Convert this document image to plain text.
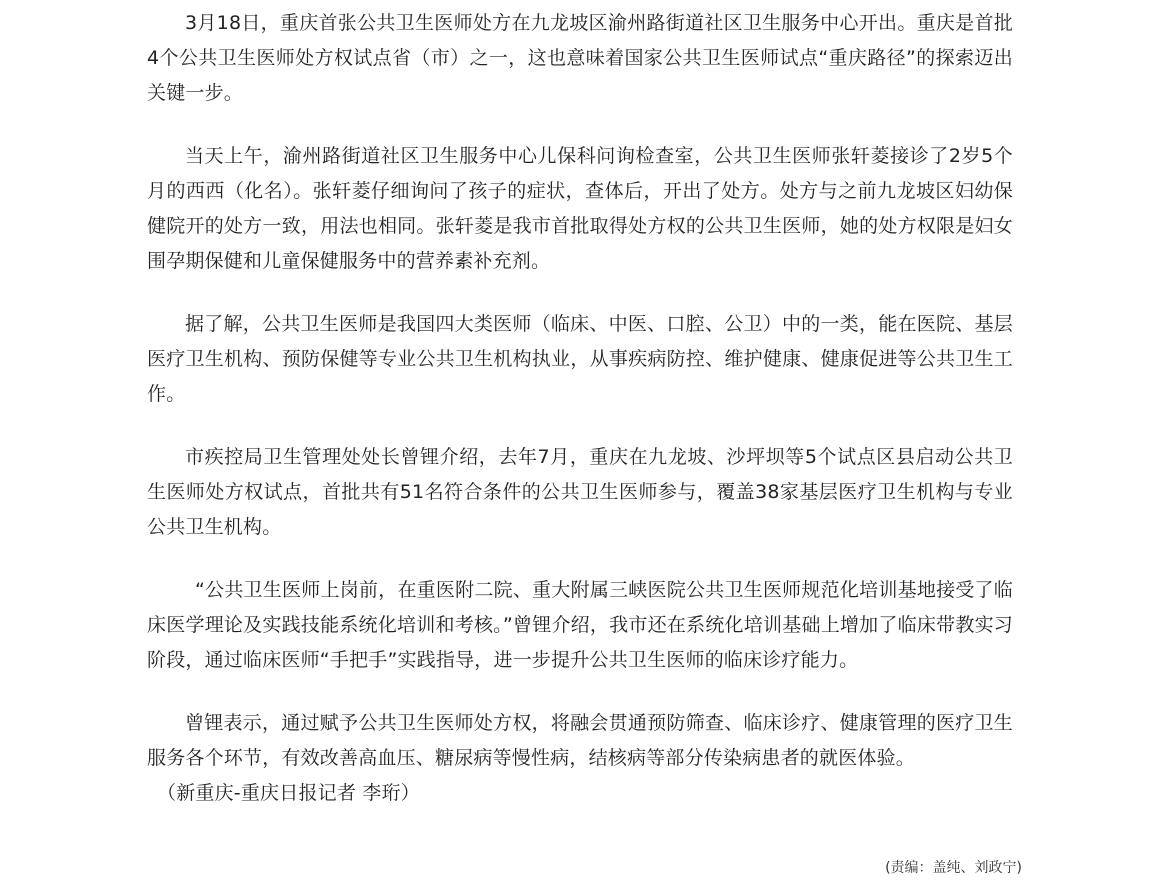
3月18日，重庆首张公共卫生医师处方在九龙坡区渝州路街道社区卫生服务中心开出。重庆是首批4个公共卫生医师处方权试点省（市）之一，这也意味着国家公共卫生医师试点“重庆路径”的探索迈出关键一步。

当天上午，渝州路街道社区卫生服务中心儿保科问询检查室，公共卫生医师张轩菱接诊了2岁5个月的西西（化名）。张轩菱仔细询问了孩子的症状，查体后，开出了处方。处方与之前九龙坡区妇幼保健院开的处方一致，用法也相同。张轩菱是我市首批取得处方权的公共卫生医师，她的处方权限是妇女围孕期保健和儿童保健服务中的营养素补充剂。

据了解，公共卫生医师是我国四大类医师（临床、中医、口腔、公卫）中的一类，能在医院、基层医疗卫生机构、预防保健等专业公共卫生机构执业，从事疾病防控、维护健康、健康促进等公共卫生工作。

市疾控局卫生管理处处长曾锂介绍，去年7月，重庆在九龙坡、沙坪坝等5个试点区县启动公共卫生医师处方权试点，首批共有51名符合条件的公共卫生医师参与，覆盖38家基层医疗卫生机构与专业公共卫生机构。

“公共卫生医师上岗前，在重医附二院、重大附属三峡医院公共卫生医师规范化培训基地接受了临床医学理论及实践技能系统化培训和考核。”曾锂介绍，我市还在系统化培训基础上增加了临床带教实习阶段，通过临床医师“手把手”实践指导，进一步提升公共卫生医师的临床诊疗能力。

曾锂表示，通过赋予公共卫生医师处方权，将融会贯通预防筛查、临床诊疗、健康管理的医疗卫生服务各个环节，有效改善高血压、糖尿病等慢性病，结核病等部分传染病患者的就医体验。
（新重庆-重庆日报记者 李珩）
(责编：盖纯、刘政宁)
